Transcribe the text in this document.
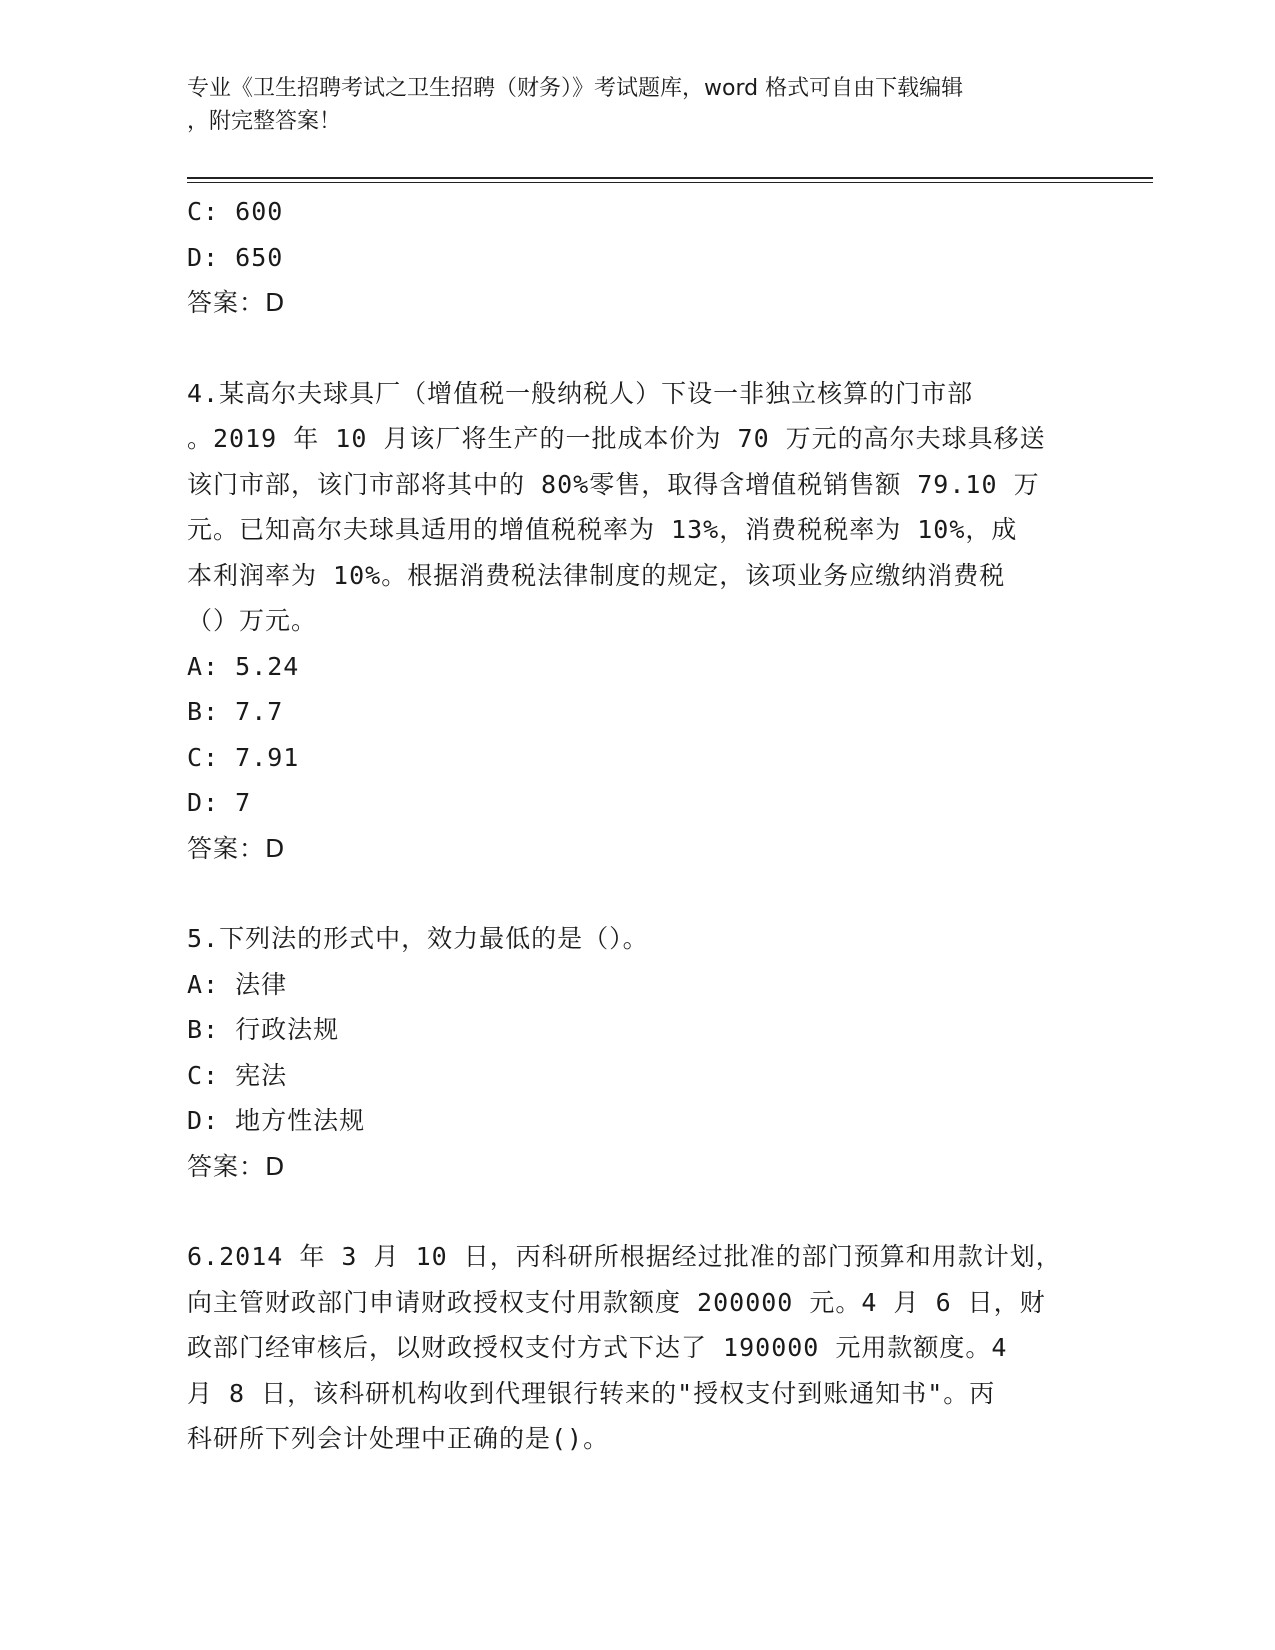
专业《卫生招聘考试之卫生招聘（财务）》考试题库，word 格式可自由下载编辑
，附完整答案！
C: 600
D: 650
答案：D
4.某高尔夫球具厂（增值税一般纳税人）下设一非独立核算的门市部
。2019 年 10 月该厂将生产的一批成本价为 70 万元的高尔夫球具移送
该门市部，该门市部将其中的 80%零售，取得含增值税销售额 79.10 万
元。已知高尔夫球具适用的增值税税率为 13%，消费税税率为 10%，成
本利润率为 10%。根据消费税法律制度的规定，该项业务应缴纳消费税
（）万元。
A: 5.24
B: 7.7
C: 7.91
D: 7
答案：D
5.下列法的形式中，效力最低的是（）。
A: 法律
B: 行政法规
C: 宪法
D: 地方性法规
答案：D
6.2014 年 3 月 10 日，丙科研所根据经过批准的部门预算和用款计划，
向主管财政部门申请财政授权支付用款额度 200000 元。4 月 6 日，财
政部门经审核后，以财政授权支付方式下达了 190000 元用款额度。4
月 8 日，该科研机构收到代理银行转来的"授权支付到账通知书"。丙
科研所下列会计处理中正确的是()。
